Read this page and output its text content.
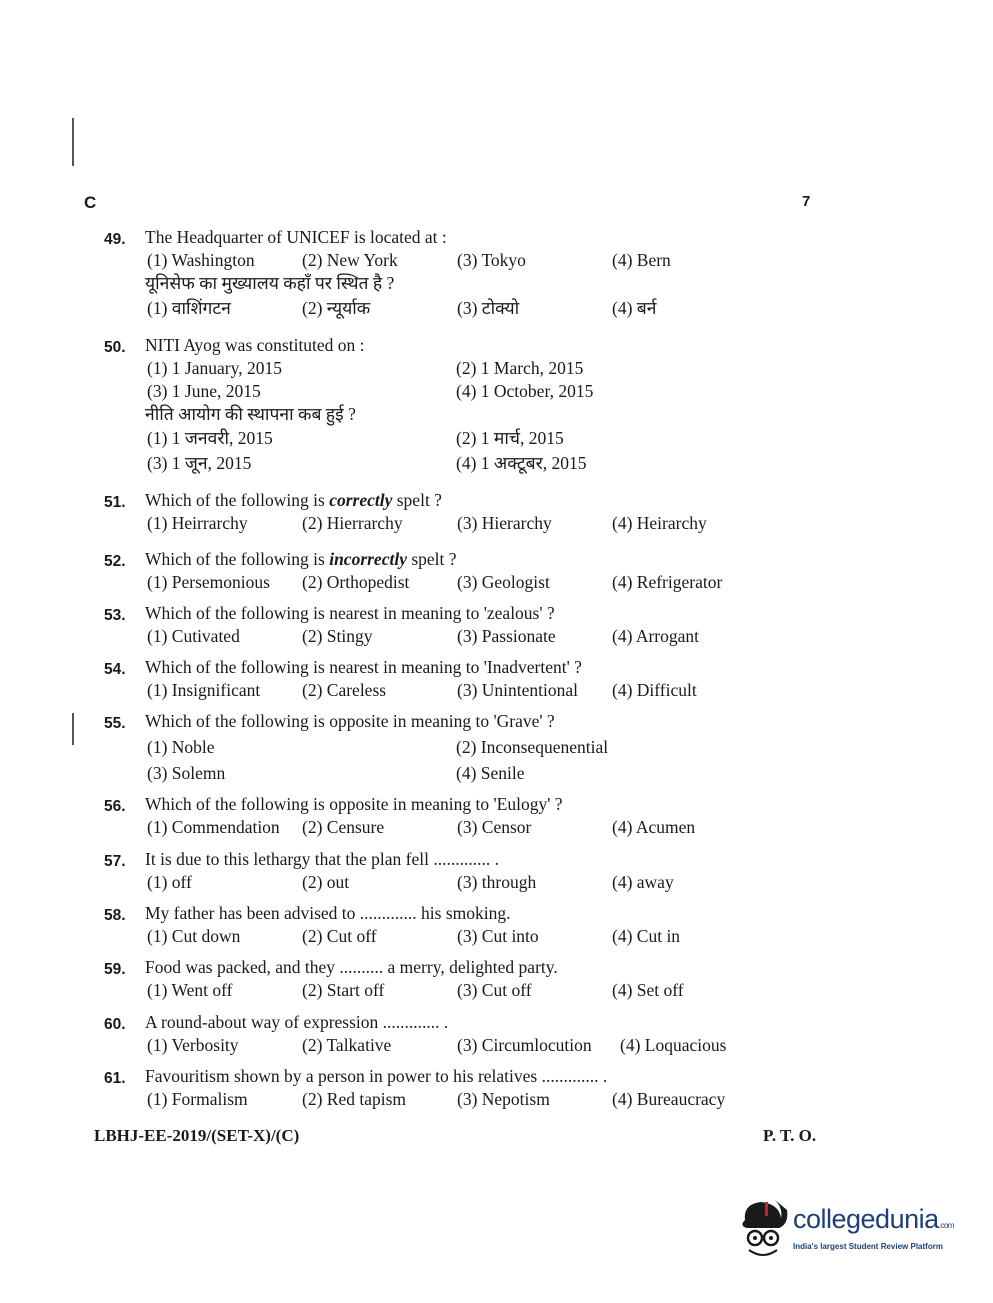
C	7
49.	The Headquarter of UNICEF is located at :
(1) Washington	(2) New York	(3) Tokyo	(4) Bern
यूनिसेफ का मुख्यालय कहाँ पर स्थित है ?
(1) वाशिंगटन	(2) न्यूर्याक	(3) टोक्यो	(4) बर्न
50.	NITI Ayog was constituted on :
(1) 1 January, 2015	(2) 1 March, 2015
(3) 1 June, 2015	(4) 1 October, 2015
नीति आयोग की स्थापना कब हुई ?
(1) 1 जनवरी, 2015	(2) 1 मार्च, 2015
(3) 1 जून, 2015	(4) 1 अक्टूबर, 2015
51.	Which of the following is correctly spelt ?
(1) Heirrarchy	(2) Hierrarchy	(3) Hierarchy	(4) Heirarchy
52.	Which of the following is incorrectly spelt ?
(1) Persemonious (2) Orthopedist	(3) Geologist	(4) Refrigerator
53.	Which of the following is nearest in meaning to 'zealous' ?
(1) Cutivated	(2) Stingy	(3) Passionate	(4) Arrogant
54.	Which of the following is nearest in meaning to 'Inadvertent' ?
(1) Insignificant (2) Careless	(3) Unintentional (4) Difficult
55.	Which of the following is opposite in meaning to 'Grave' ?
(1) Noble	(2) Inconsequenential
(3) Solemn	(4) Senile
56.	Which of the following is opposite in meaning to 'Eulogy' ?
(1) Commendation (2) Censure	(3) Censor	(4) Acumen
57.	It is due to this lethargy that the plan fell ............. .
(1) off	(2) out	(3) through	(4) away
58.	My father has been advised to ............. his smoking.
(1) Cut down	(2) Cut off	(3) Cut into	(4) Cut in
59.	Food was packed, and they .......... a merry, delighted party.
(1) Went off	(2) Start off	(3) Cut off	(4) Set off
60.	A round-about way of expression ............. .
(1) Verbosity	(2) Talkative	(3) Circumlocution (4) Loquacious
61.	Favouritism shown by a person in power to his relatives ............. .
(1) Formalism	(2) Red tapism	(3) Nepotism	(4) Bureaucracy
LBHJ-EE-2019/(SET-X)/(C)	P. T. O.
collegedunia.com
India's largest Student Review Platform
